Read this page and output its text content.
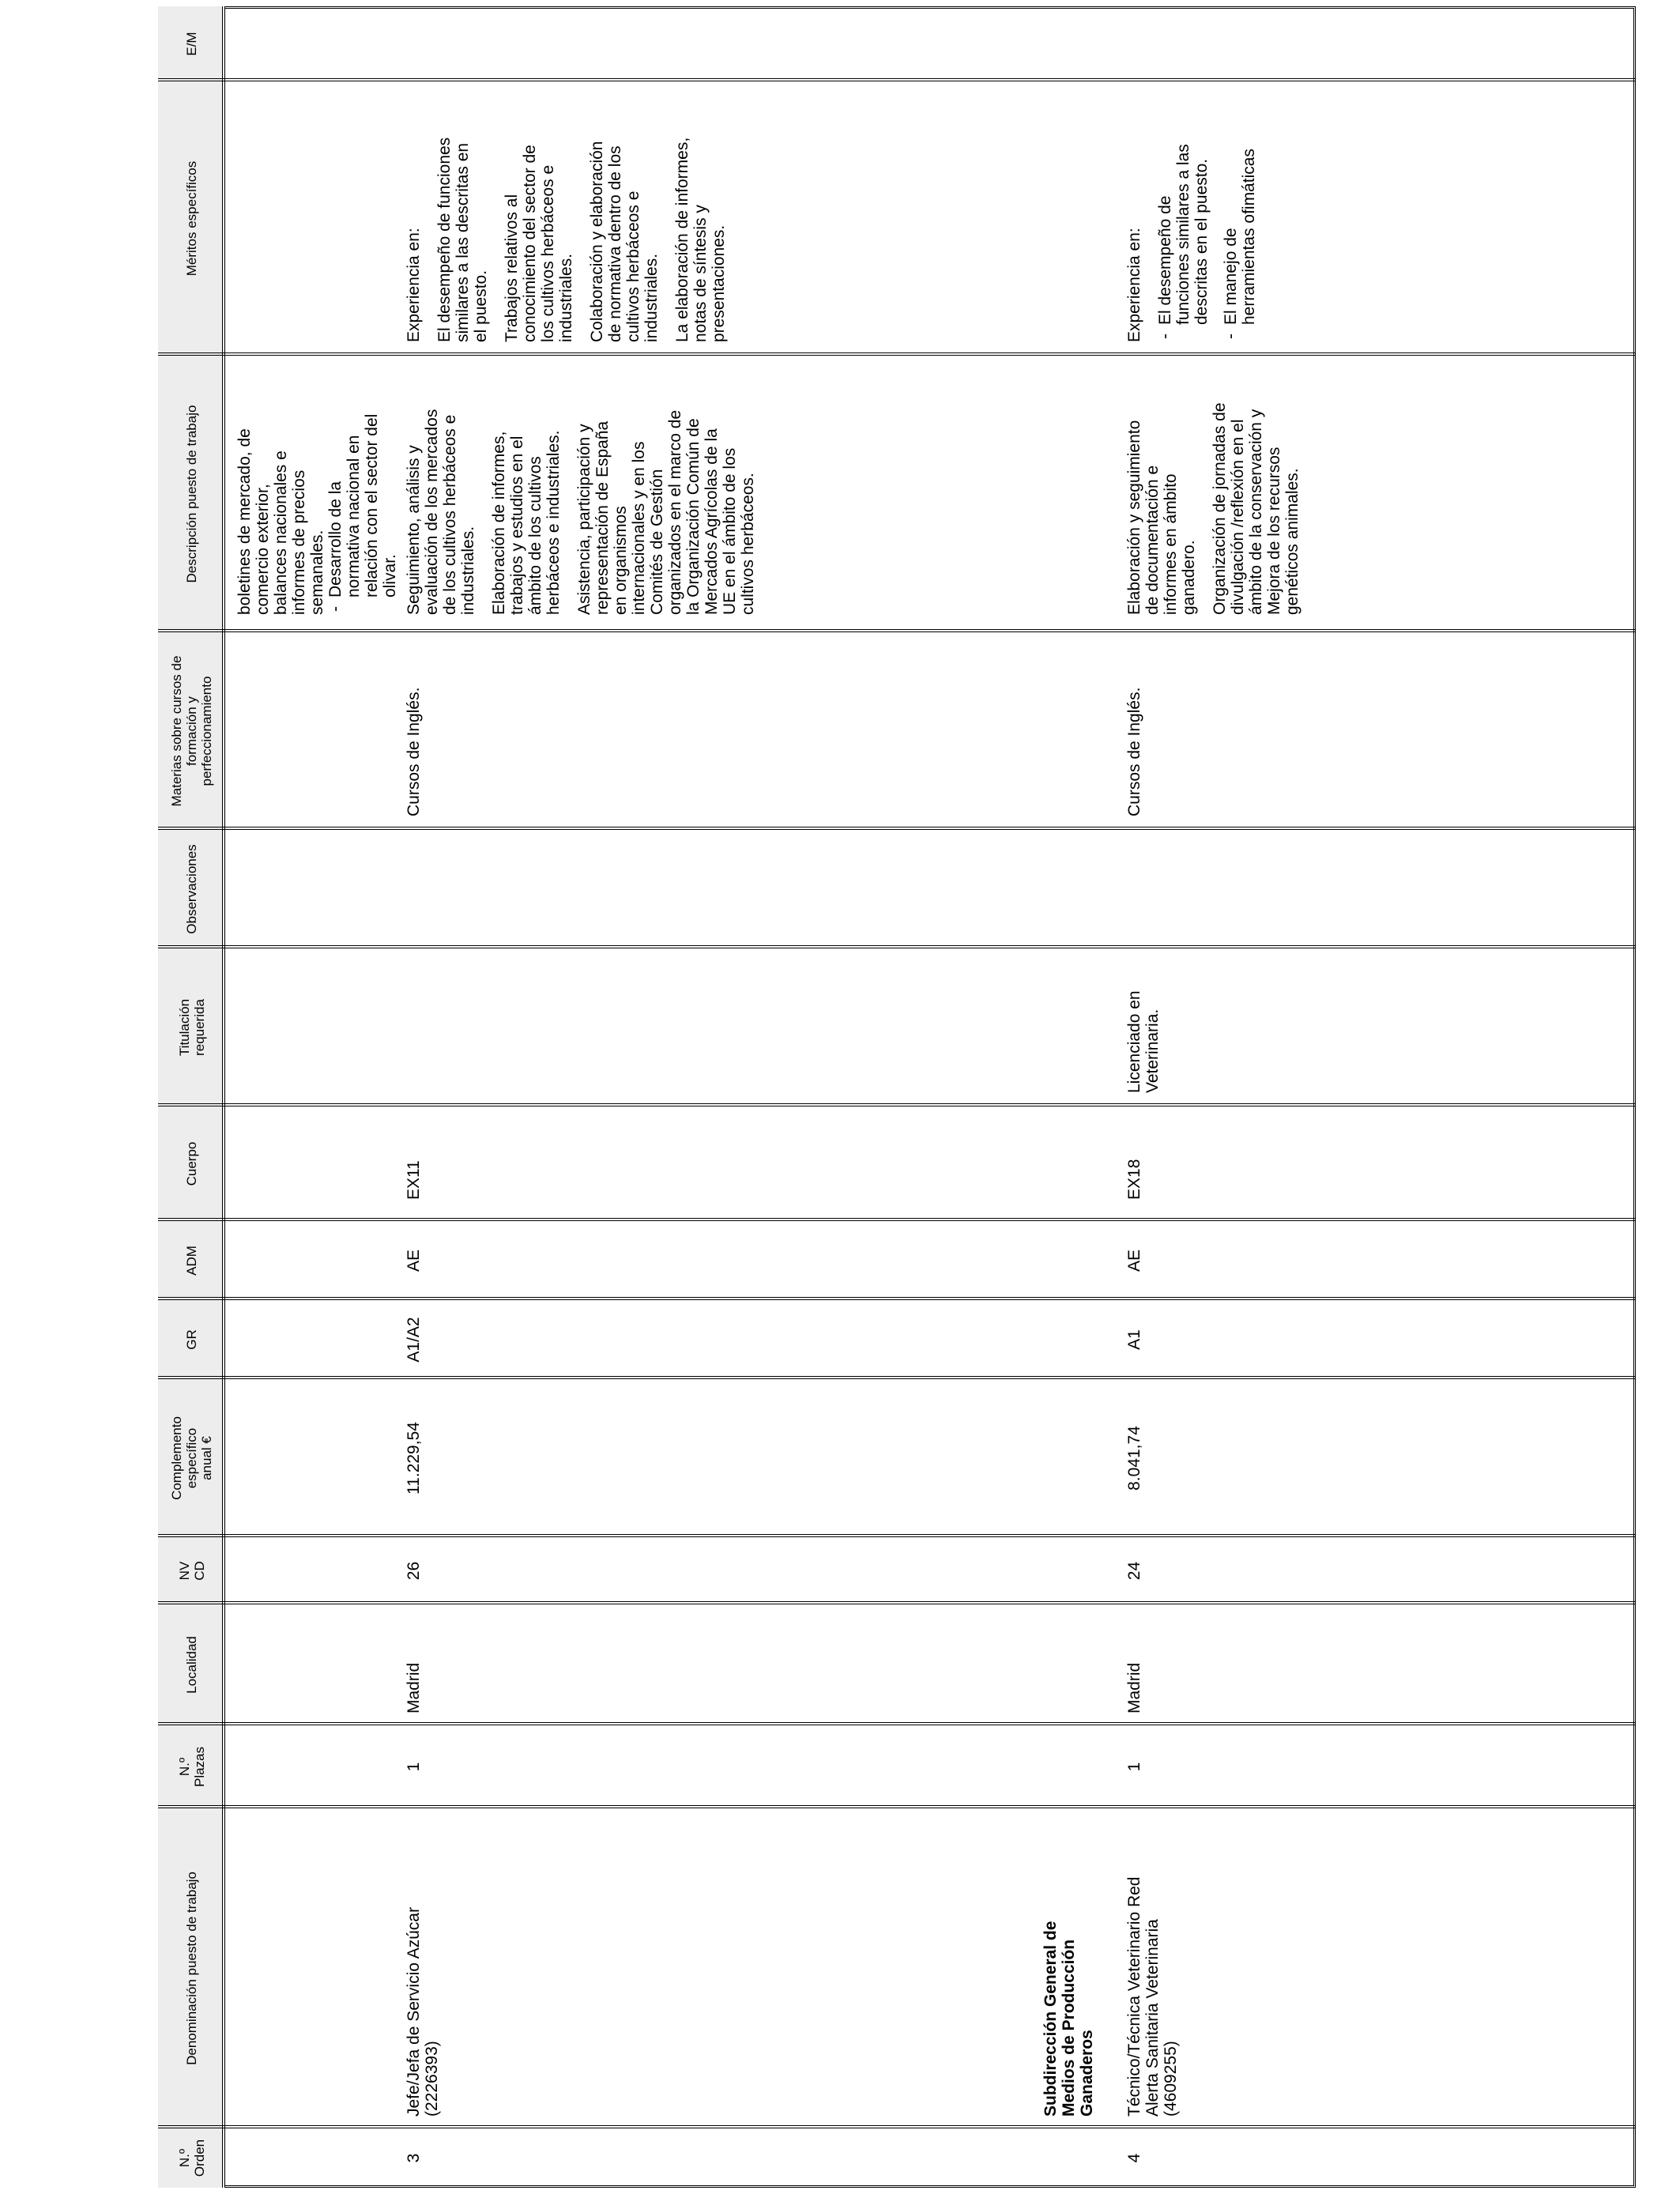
N.º
Orden
Denominación puesto de trabajo
N.º
Plazas
Localidad
NV
CD
Complemento
específico
anual €
GR
ADM
Cuerpo
Titulación
requerida
Observaciones
Materias sobre cursos de
formación y
perfeccionamiento
Descripción puesto de trabajo
Méritos específicos
E/M
boletines de mercado, de
comercio exterior,
balances nacionales e
informes de precios
semanales. - Desarrollo de la
normativa nacional en
relación con el sector del
olivar.
3
Jefe/Jefa de Servicio Azúcar
(2226393)
1
Madrid
26
11.229,54
A1/A2
AE
EX11
Cursos de Inglés.
Seguimiento, análisis y
evaluación de los mercados
de los cultivos herbáceos e
industriales. Elaboración de informes,
trabajos y estudios en el
ámbito de los cultivos
herbáceos e industriales.
Asistencia, participación y
representación de España
en organismos
internacionales y en los
Comités de Gestión
organizados en el marco de
la Organización Común de
Mercados Agrícolas de la
UE en el ámbito de los
cultivos herbáceos.
Experiencia en: El desempeño de funciones
similares a las descritas en
el puesto. Trabajos relativos al
conocimiento del sector de
los cultivos herbáceos e
industriales. Colaboración y elaboración
de normativa dentro de los
cultivos herbáceos e
industriales. La elaboración de informes,
notas de síntesis y
presentaciones.
Subdirección General de
Medios de Producción
Ganaderos
4
Técnico/Técnica Veterinario Red
Alerta Sanitaria Veterinaria
(4609255)
1
Madrid
24
8.041,74
A1
AE
EX18
Licenciado en
Veterinaria.
Cursos de Inglés.
Elaboración y seguimiento
de documentación e
informes en ámbito
ganadero. Organización de jornadas de
divulgación /reflexión en el
ámbito de la conservación y
Mejora de los recursos
genéticos animales.
Experiencia en: - El desempeño de
funciones similares a las
descritas en el puesto.
- El manejo de
herramientas ofimáticas
